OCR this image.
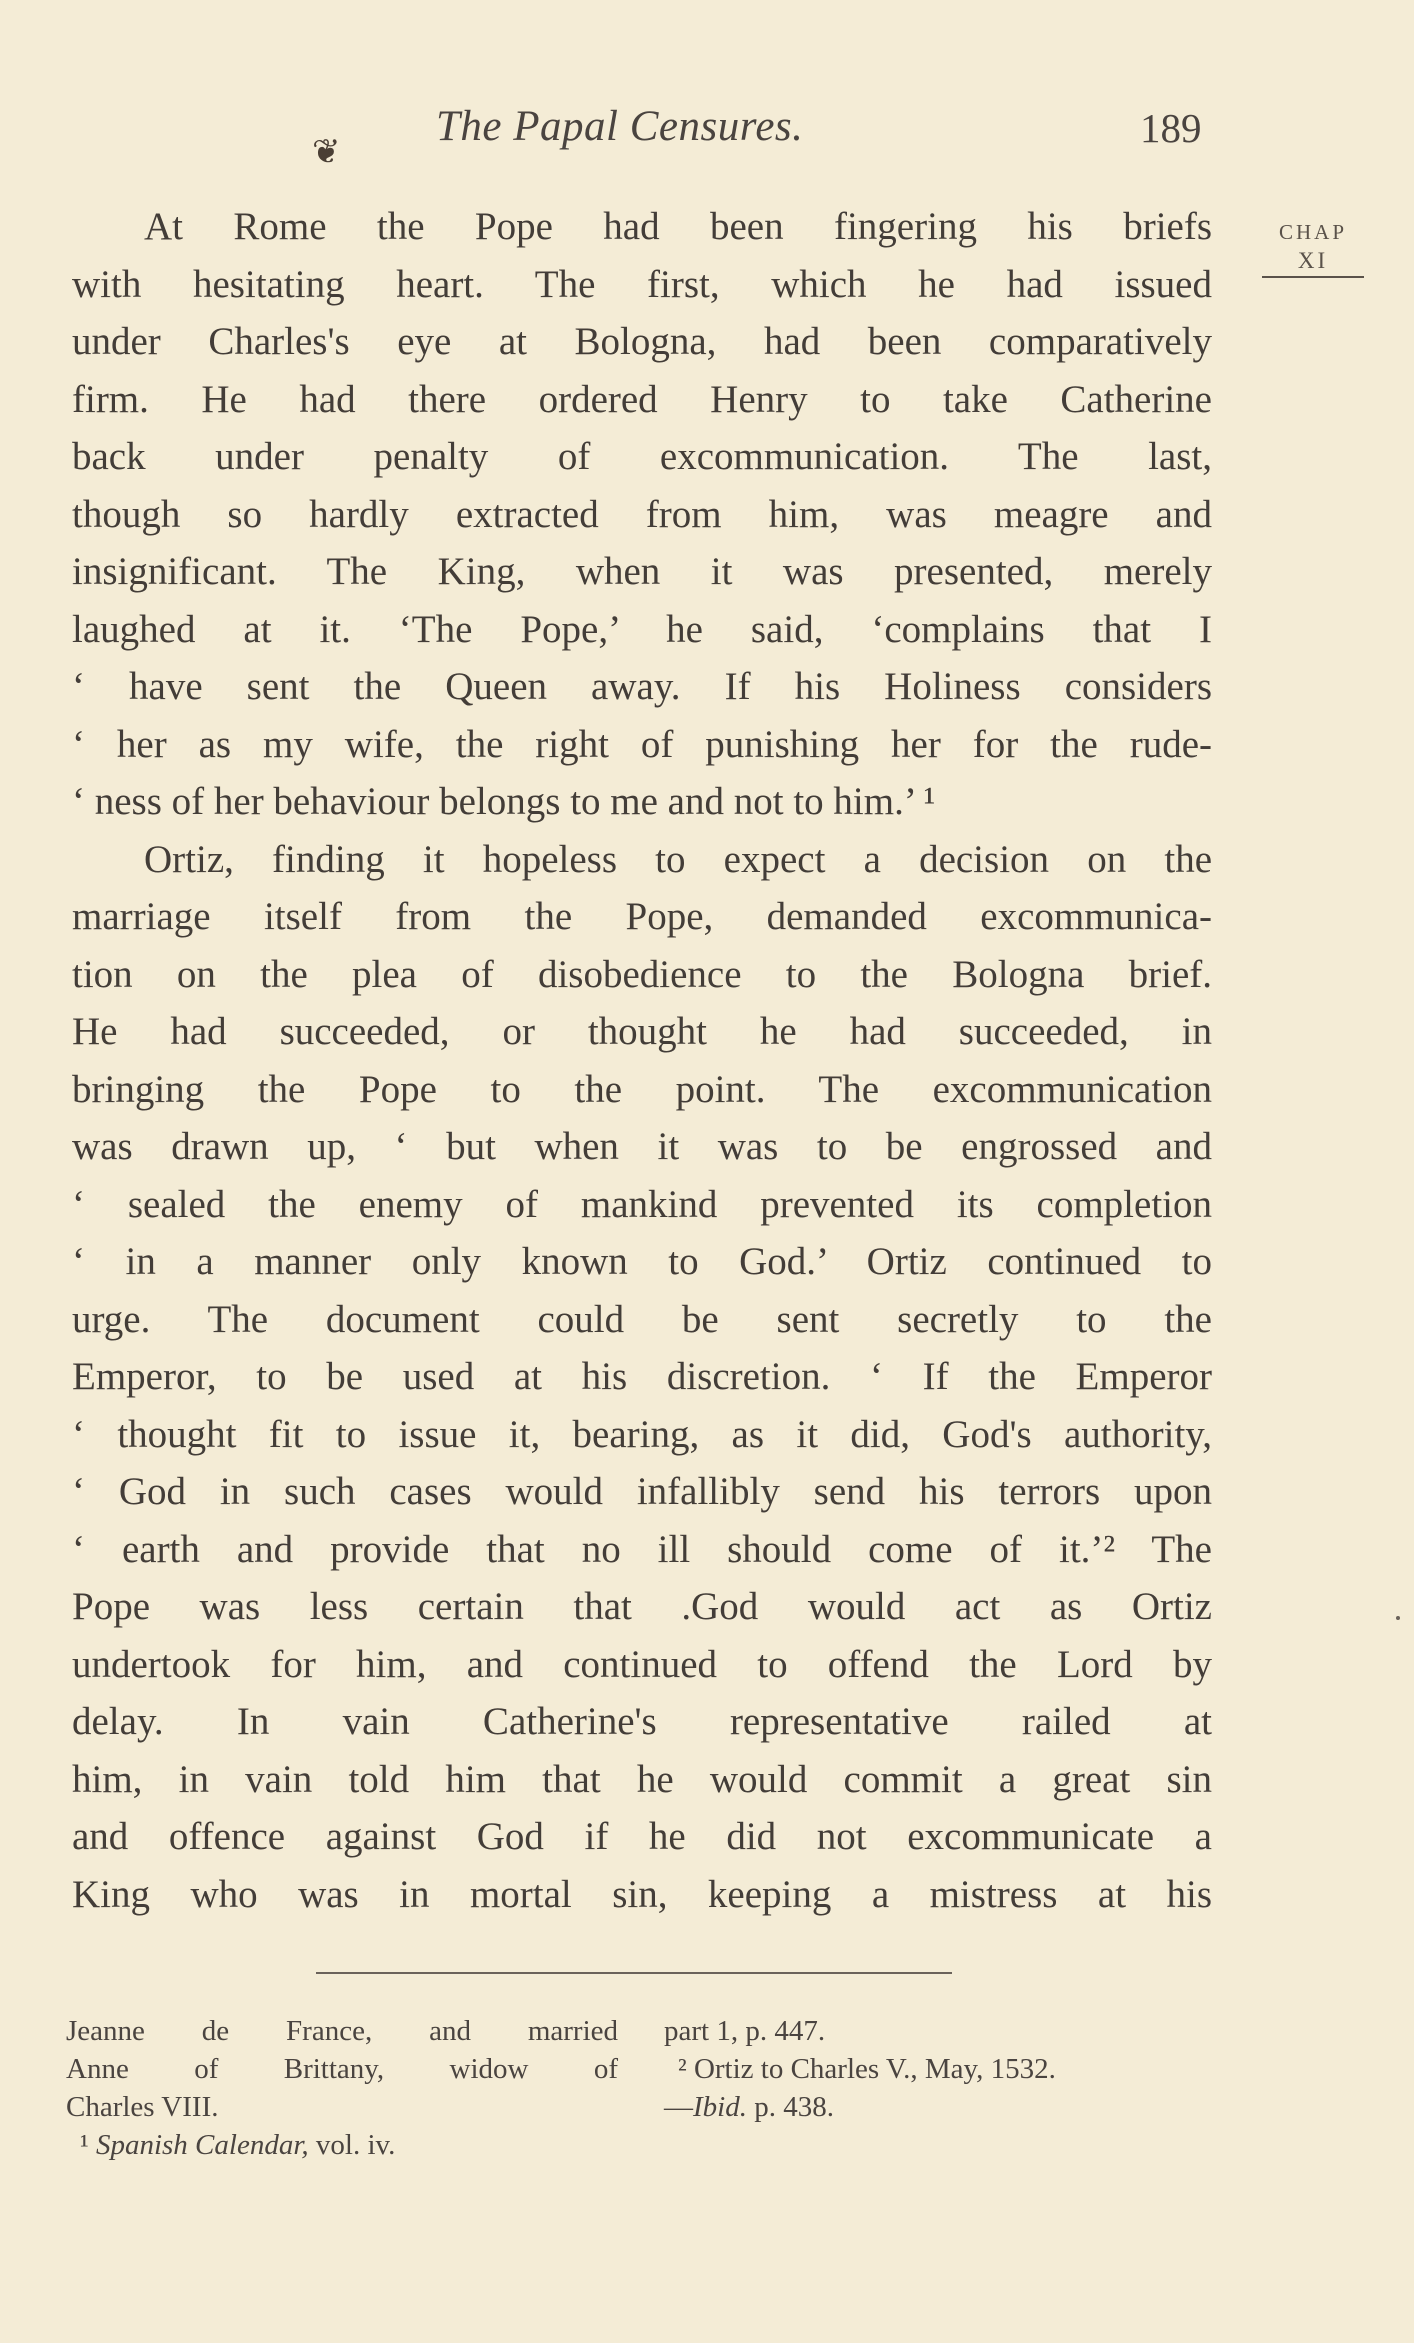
❦
The Papal Censures.	189
CHAP
XI
At Rome the Pope had been fingering his briefs
with hesitating heart. The first, which he had issued
under Charles's eye at Bologna, had been comparatively
firm. He had there ordered Henry to take Catherine
back under penalty of excommunication. The last,
though so hardly extracted from him, was meagre and
insignificant. The King, when it was presented, merely
laughed at it. ‘The Pope,’ he said, ‘complains that I
‘ have sent the Queen away. If his Holiness considers
‘ her as my wife, the right of punishing her for the rude-
‘ ness of her behaviour belongs to me and not to him.’ ¹
Ortiz, finding it hopeless to expect a decision on the
marriage itself from the Pope, demanded excommunica-
tion on the plea of disobedience to the Bologna brief.
He had succeeded, or thought he had succeeded, in
bringing the Pope to the point. The excommunication
was drawn up, ‘ but when it was to be engrossed and
‘ sealed the enemy of mankind prevented its completion
‘ in a manner only known to God.’ Ortiz continued to
urge. The document could be sent secretly to the
Emperor, to be used at his discretion. ‘ If the Emperor
‘ thought fit to issue it, bearing, as it did, God's authority,
‘ God in such cases would infallibly send his terrors upon
‘ earth and provide that no ill should come of it.’² The
Pope was less certain that .God would act as Ortiz
undertook for him, and continued to offend the Lord by
delay. In vain Catherine's representative railed at
him, in vain told him that he would commit a great sin
and offence against God if he did not excommunicate a
King who was in mortal sin, keeping a mistress at his
Jeanne de France, and married
Anne of Brittany, widow of
Charles VIII.
¹ Spanish Calendar, vol. iv.
part 1, p. 447.
² Ortiz to Charles V., May, 1532.
—Ibid. p. 438.
